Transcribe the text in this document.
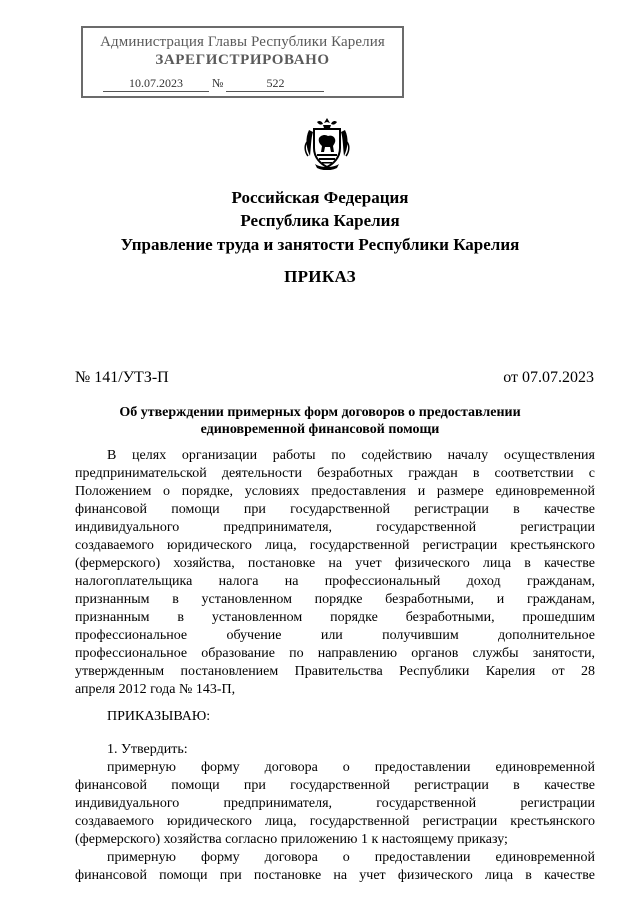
Администрация Главы Республики Карелия
ЗАРЕГИСТРИРОВАНО
10.07.2023 №	522
Российская Федерация
Республика Карелия
Управление труда и занятости Республики Карелия
ПРИКАЗ
№ 141/УТЗ-П	от 07.07.2023
Об утверждении примерных форм договоров о предоставлении
единовременной финансовой помощи
В целях организации работы по содействию началу осуществления
предпринимательской деятельности безработных граждан в соответствии с
Положением о порядке, условиях предоставления и размере единовременной
финансовой помощи при государственной регистрации в качестве
индивидуального предпринимателя, государственной регистрации
создаваемого юридического лица, государственной регистрации крестьянского
(фермерского) хозяйства, постановке на учет физического лица в качестве
налогоплательщика налога на профессиональный доход гражданам,
признанным в установленном порядке безработными, и гражданам,
признанным в установленном порядке безработными, прошедшим
профессиональное обучение или получившим дополнительное
профессиональное образование по направлению органов службы занятости,
утвержденным постановлением Правительства Республики Карелия от 28
апреля 2012 года № 143-П,
ПРИКАЗЫВАЮ:
1. Утвердить:
примерную форму договора о предоставлении единовременной
финансовой помощи при государственной регистрации в качестве
индивидуального предпринимателя, государственной регистрации
создаваемого юридического лица, государственной регистрации крестьянского
(фермерского) хозяйства согласно приложению 1 к настоящему приказу;
примерную форму договора о предоставлении единовременной
финансовой помощи при постановке на учет физического лица в качестве
